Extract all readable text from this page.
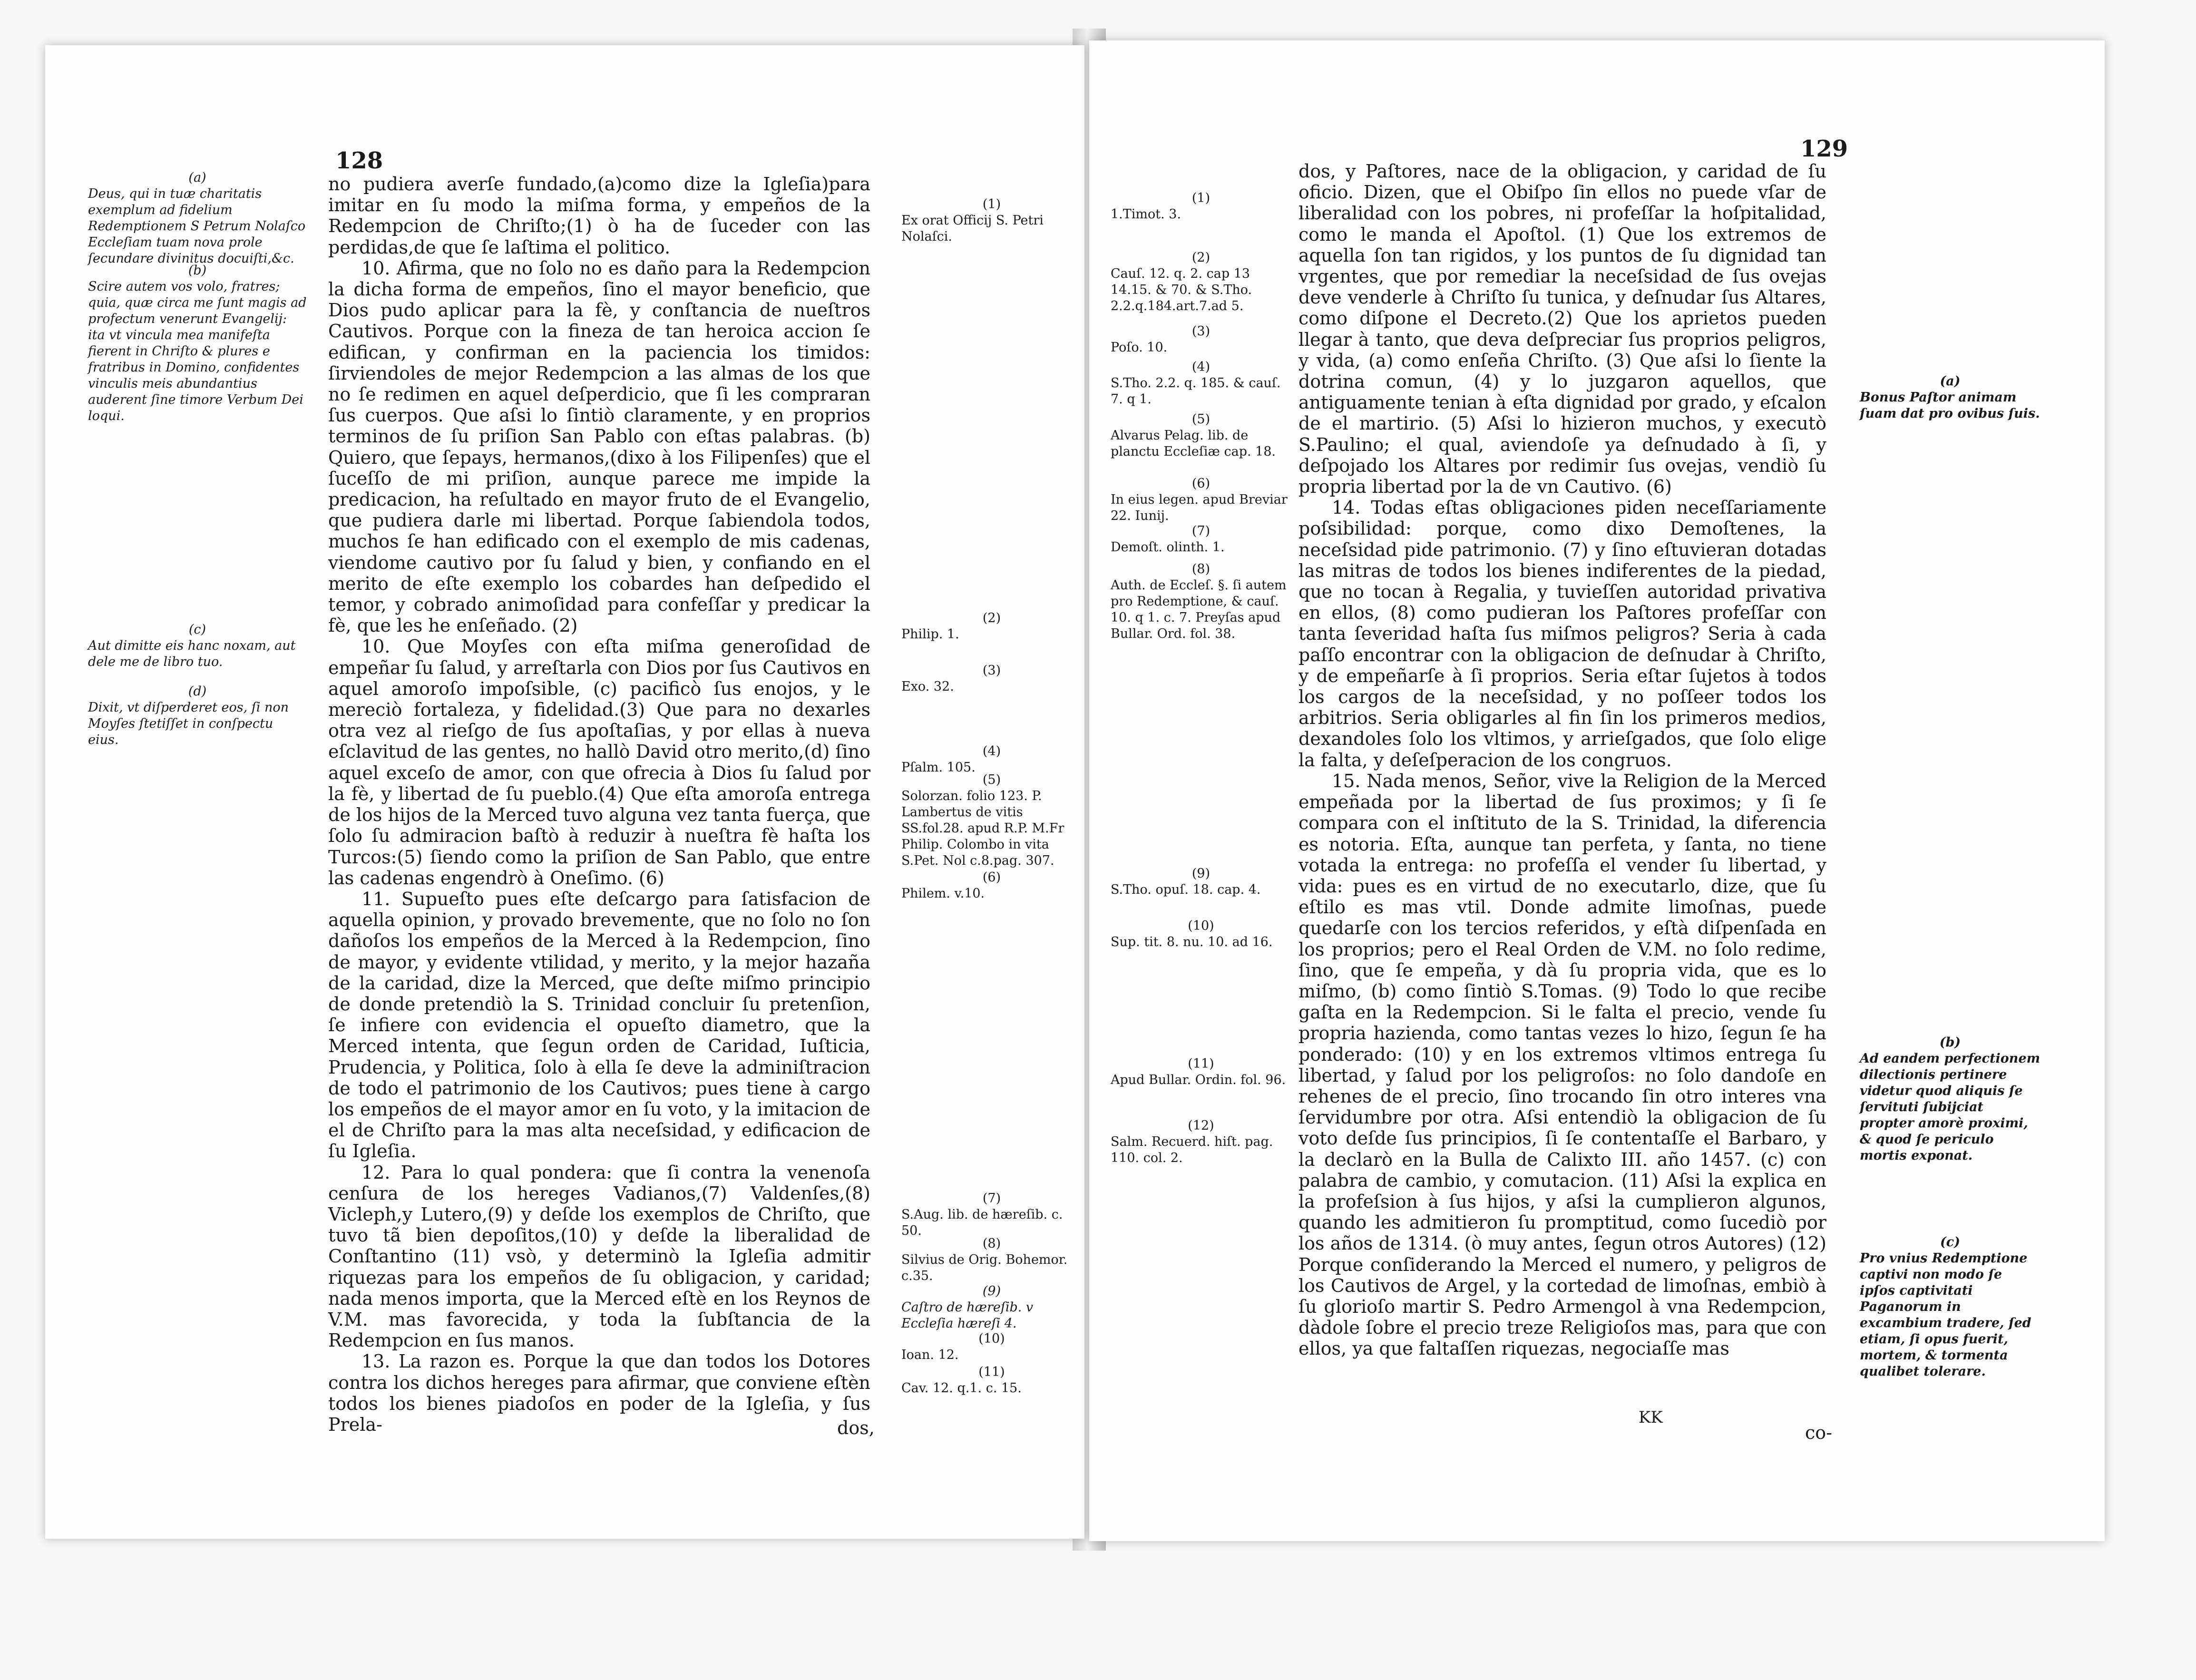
128
(a)
Deus, qui in tuæ charitatis exemplum ad fidelium Redemptionem S Petrum Nolaſco Eccleſiam tuam nova prole ſecundare divinitus docuiſti,&c.
(b)
Scire autem vos volo, fratres; quia, quæ circa me ſunt magis ad profectum venerunt Evangelij: ita vt vincula mea manifeſta fierent in Chriſto & plures e fratribus in Domino, confidentes vinculis meis abundantius auderent ſine timore Verbum Dei loqui.
(c)
Aut dimitte eis hanc noxam, aut dele me de libro tuo.
(d)
Dixit, vt diſperderet eos, ſi non Moyſes ſtetiſſet in conſpectu eius.

no pudiera averſe fundado,(a)como dize la Igleſia)para imitar en ſu modo la miſma forma, y empeños de la Redempcion de Chriſto;(1) ò ha de ſuceder con las perdidas,de que ſe laſtima el politico.

10. Afirma, que no ſolo no es daño para la Redempcion la dicha forma de empeños, ſino el mayor beneficio, que Dios pudo aplicar para la fè, y conſtancia de nueſtros Cautivos. Porque con la fineza de tan heroica accion ſe edifican, y confirman en la paciencia los timidos: ſirviendoles de mejor Redempcion a las almas de los que no ſe redimen en aquel deſperdicio, que ſi les compraran ſus cuerpos. Que aſsi lo ſintiò claramente, y en proprios terminos de ſu priſion San Pablo con eſtas palabras. (b) Quiero, que ſepays, hermanos,(dixo à los Filipenſes) que el ſuceſſo de mi priſion, aunque parece me impide la predicacion, ha reſultado en mayor fruto de el Evangelio, que pudiera darle mi libertad. Porque ſabiendola todos, muchos ſe han edificado con el exemplo de mis cadenas, viendome cautivo por ſu ſalud y bien, y confiando en el merito de eſte exemplo los cobardes han deſpedido el temor, y cobrado animoſidad para confeſſar y predicar la fè, que les he enſeñado. (2)

10. Que Moyſes con eſta miſma generoſidad de empeñar ſu ſalud, y arreſtarla con Dios por ſus Cautivos en aquel amoroſo impoſsible, (c) pacificò ſus enojos, y le mereciò fortaleza, y fidelidad.(3) Que para no dexarles otra vez al rieſgo de ſus apoſtaſias, y por ellas à nueva eſclavitud de las gentes, no hallò David otro merito,(d) ſino aquel exceſo de amor, con que ofrecia à Dios ſu ſalud por la fè, y libertad de ſu pueblo.(4) Que eſta amoroſa entrega de los hijos de la Merced tuvo alguna vez tanta fuerça, que ſolo ſu admiracion baſtò à reduzir à nueſtra fè haſta los Turcos:(5) ſiendo como la priſion de San Pablo, que entre las cadenas engendrò à Oneſimo. (6)

11. Supueſto pues eſte deſcargo para ſatisfacion de aquella opinion, y provado brevemente, que no ſolo no ſon dañoſos los empeños de la Merced à la Redempcion, ſino de mayor, y evidente vtilidad, y merito, y la mejor hazaña de la caridad, dize la Merced, que deſte miſmo principio de donde pretendiò la S. Trinidad concluir ſu pretenſion, ſe infiere con evidencia el opueſto diametro, que la Merced intenta, que ſegun orden de Caridad, Iuſticia, Prudencia, y Politica, ſolo à ella ſe deve la adminiſtracion de todo el patrimonio de los Cautivos; pues tiene à cargo los empeños de el mayor amor en ſu voto, y la imitacion de el de Chriſto para la mas alta neceſsidad, y edificacion de ſu Igleſia.

12. Para lo qual pondera: que ſi contra la venenoſa cenſura de los hereges Vadianos,(7) Valdenſes,(8) Vicleph,y Lutero,(9) y deſde los exemplos de Chriſto, que tuvo tã bien depoſitos,(10) y deſde la liberalidad de Conſtantino (11) vsò, y determinò la Igleſia admitir riquezas para los empeños de ſu obligacion, y caridad; nada menos importa, que la Merced eſtè en los Reynos de V.M. mas favorecida, y toda la ſubſtancia de la Redempcion en ſus manos.

13. La razon es. Porque la que dan todos los Dotores contra los dichos hereges para afirmar, que conviene eſtèn todos los bienes piadoſos en poder de la Igleſia, y ſus Prela-	dos,
(1)
Ex orat Officij S. Petri Nolaſci.
(2)
Philip. 1.
(3)
Exo. 32.
(4)
Pſalm. 105.
(5)
Solorzan. folio 123. P. Lambertus de vitis SS.fol.28. apud R.P. M.Fr Philip. Colombo in vita S.Pet. Nol c.8.pag. 307.
(6)
Philem. v.10.
(7)
S.Aug. lib. de hæreſib. c. 50.
(8)
Silvius de Orig. Bohemor. c.35.
(9)
Caſtro de hæreſib. v Eccleſia hæreſi 4.
(10)
Ioan. 12.
(11)
Cav. 12. q.1. c. 15.
129
(1)
1.Timot. 3.
(2)
Cauſ. 12. q. 2. cap 13 14.15. & 70. & S.Tho. 2.2.q.184.art.7.ad 5.
(3)
Poſo. 10.
(4)
S.Tho. 2.2. q. 185. & cauſ. 7. q 1.
(5)
Alvarus Pelag. lib. de planctu Eccleſiæ cap. 18.
(6)
In eius legen. apud Breviar 22. Iunij.
(7)
Demoſt. olinth. 1.
(8)
Auth. de Eccleſ. §. ſi autem pro Redemptione, & cauſ. 10. q 1. c. 7. Preyſas apud Bullar. Ord. fol. 38.
(9)
S.Tho. opuſ. 18. cap. 4.
(10)
Sup. tit. 8. nu. 10. ad 16.
(11)
Apud Bullar. Ordin. fol. 96.
(12)
Salm. Recuerd. hiſt. pag. 110. col. 2.

dos, y Paſtores, nace de la obligacion, y caridad de ſu oficio. Dizen, que el Obiſpo ſin ellos no puede vſar de liberalidad con los pobres, ni profeſſar la hoſpitalidad, como le manda el Apoſtol. (1) Que los extremos de aquella ſon tan rigidos, y los puntos de ſu dignidad tan vrgentes, que por remediar la neceſsidad de ſus ovejas deve venderle à Chriſto ſu tunica, y deſnudar ſus Altares, como diſpone el Decreto.(2) Que los aprietos pueden llegar à tanto, que deva deſpreciar ſus proprios peligros, y vida, (a) como enſeña Chriſto. (3) Que aſsi lo ſiente la dotrina comun, (4) y lo juzgaron aquellos, que antiguamente tenian à eſta dignidad por grado, y eſcalon de el martirio. (5) Aſsi lo hizieron muchos, y executò S.Paulino; el qual, aviendoſe ya deſnudado à ſi, y deſpojado los Altares por redimir ſus ovejas, vendiò ſu propria libertad por la de vn Cautivo. (6)

14. Todas eſtas obligaciones piden neceſſariamente poſsibilidad: porque, como dixo Demoſtenes, la neceſsidad pide patrimonio. (7) y ſino eſtuvieran dotadas las mitras de todos los bienes indiferentes de la piedad, que no tocan à Regalia, y tuvieſſen autoridad privativa en ellos, (8) como pudieran los Paſtores profeſſar con tanta ſeveridad haſta ſus miſmos peligros? Seria à cada paſſo encontrar con la obligacion de deſnudar à Chriſto, y de empeñarſe à ſi proprios. Seria eſtar ſujetos à todos los cargos de la neceſsidad, y no poſſeer todos los arbitrios. Seria obligarles al fin ſin los primeros medios, dexandoles ſolo los vltimos, y arrieſgados, que ſolo elige la falta, y deſeſperacion de los congruos.

15. Nada menos, Señor, vive la Religion de la Merced empeñada por la libertad de ſus proximos; y ſi ſe compara con el inſtituto de la S. Trinidad, la diferencia es notoria. Eſta, aunque tan perfeta, y ſanta, no tiene votada la entrega: no profeſſa el vender ſu libertad, y vida: pues es en virtud de no executarlo, dize, que ſu eſtilo es mas vtil. Donde admite limoſnas, puede quedarſe con los tercios referidos, y eſtà diſpenſada en los proprios; pero el Real Orden de V.M. no ſolo redime, ſino, que ſe empeña, y dà ſu propria vida, que es lo miſmo, (b) como ſintiò S.Tomas. (9) Todo lo que recibe gaſta en la Redempcion. Si le falta el precio, vende ſu propria hazienda, como tantas vezes lo hizo, ſegun ſe ha ponderado: (10) y en los extremos vltimos entrega ſu libertad, y ſalud por los peligroſos: no ſolo dandoſe en rehenes de el precio, ſino trocando ſin otro interes vna ſervidumbre por otra. Aſsi entendiò la obligacion de ſu voto deſde ſus principios, ſi ſe contentaſſe el Barbaro, y la declarò en la Bulla de Calixto III. año 1457. (c) con palabra de cambio, y comutacion. (11) Aſsi la explica en la profeſsion à ſus hijos, y aſsi la cumplieron algunos, quando les admitieron ſu promptitud, como ſucediò por los años de 1314. (ò muy antes, ſegun otros Autores) (12) Porque conſiderando la Merced el numero, y peligros de los Cautivos de Argel, y la cortedad de limoſnas, embiò à ſu glorioſo martir S. Pedro Armengol à vna Redempcion, dàdole ſobre el precio treze Religioſos mas, para que con ellos, ya que faltaſſen riquezas, negociaſſe mas

KK
co-
(a)
Bonus Paſtor animam ſuam dat pro ovibus ſuis.
(b)
Ad eandem perfectionem dilectionis pertinere videtur quod aliquis ſe ſervituti ſubijciat propter amorè proximi, & quod ſe periculo mortis exponat.
(c)
Pro vnius Redemptione captivi non modo ſe ipſos captivitati Paganorum in excambium tradere, ſed etiam, ſi opus fuerit, mortem, & tormenta qualibet tolerare.
